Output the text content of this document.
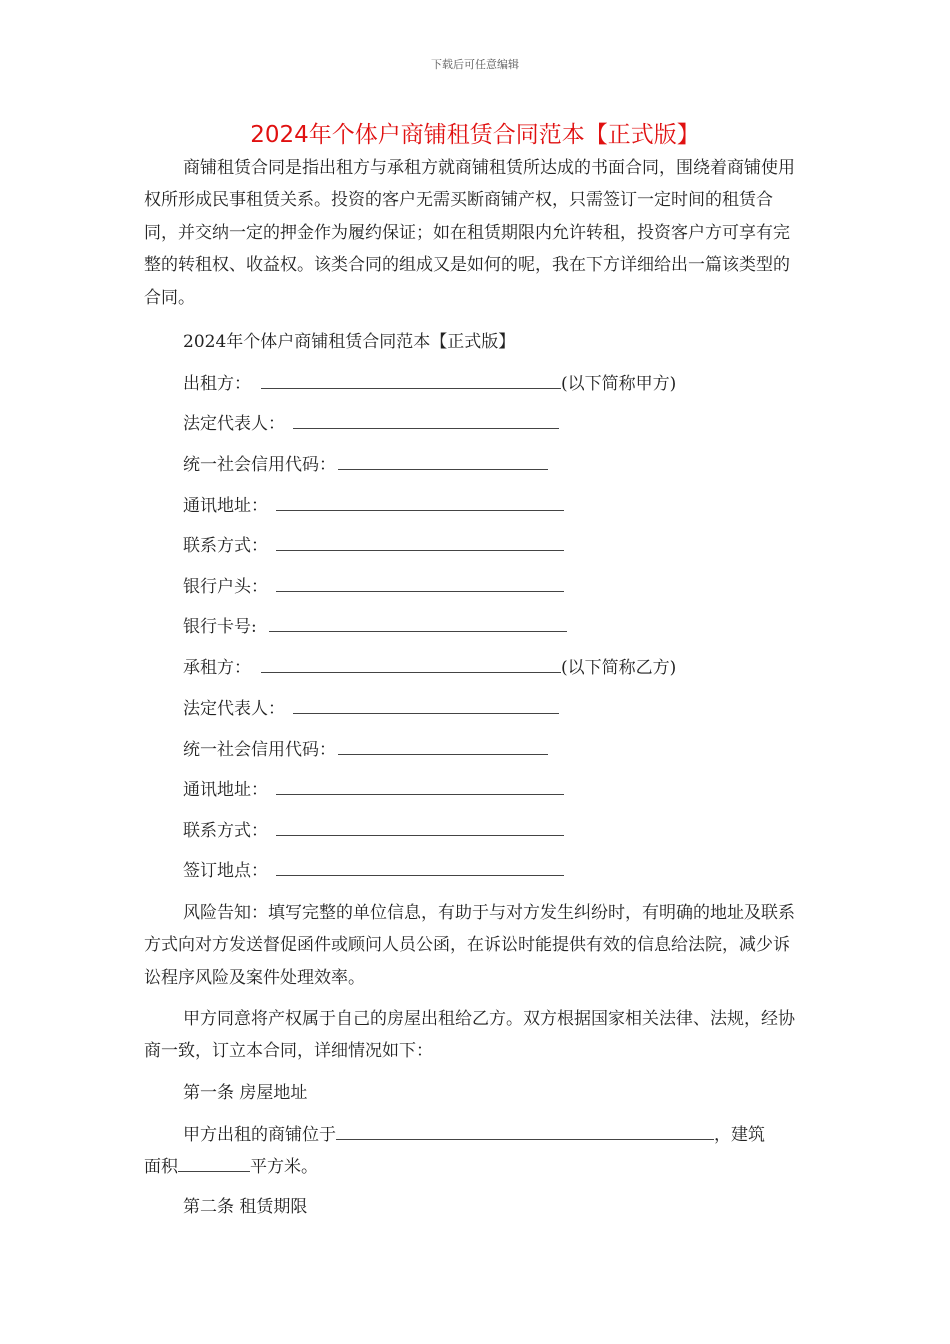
下载后可任意编辑
2024年个体户商铺租赁合同范本【正式版】

商铺租赁合同是指出租方与承租方就商铺租赁所达成的书面合同，围绕着商铺使用权所形成民事租赁关系。投资的客户无需买断商铺产权，只需签订一定时间的租赁合同，并交纳一定的押金作为履约保证；如在租赁期限内允许转租，投资客户方可享有完整的转租权、收益权。该类合同的组成又是如何的呢，我在下方详细给出一篇该类型的合同。

2024年个体户商铺租赁合同范本【正式版】
出租方：	(以下简称甲方)
法定代表人：
统一社会信用代码：
通讯地址：
联系方式：
银行户头：
银行卡号:
承租方：	(以下简称乙方)
法定代表人：
统一社会信用代码：
通讯地址：
联系方式：
签订地点：

风险告知：填写完整的单位信息，有助于与对方发生纠纷时，有明确的地址及联系方式向对方发送督促函件或顾问人员公函，在诉讼时能提供有效的信息给法院，减少诉讼程序风险及案件处理效率。

甲方同意将产权属于自己的房屋出租给乙方。双方根据国家相关法律、法规，经协商一致，订立本合同，详细情况如下：

第一条 房屋地址
甲方出租的商铺位于	，建筑
面积	平方米。
第二条 租赁期限
